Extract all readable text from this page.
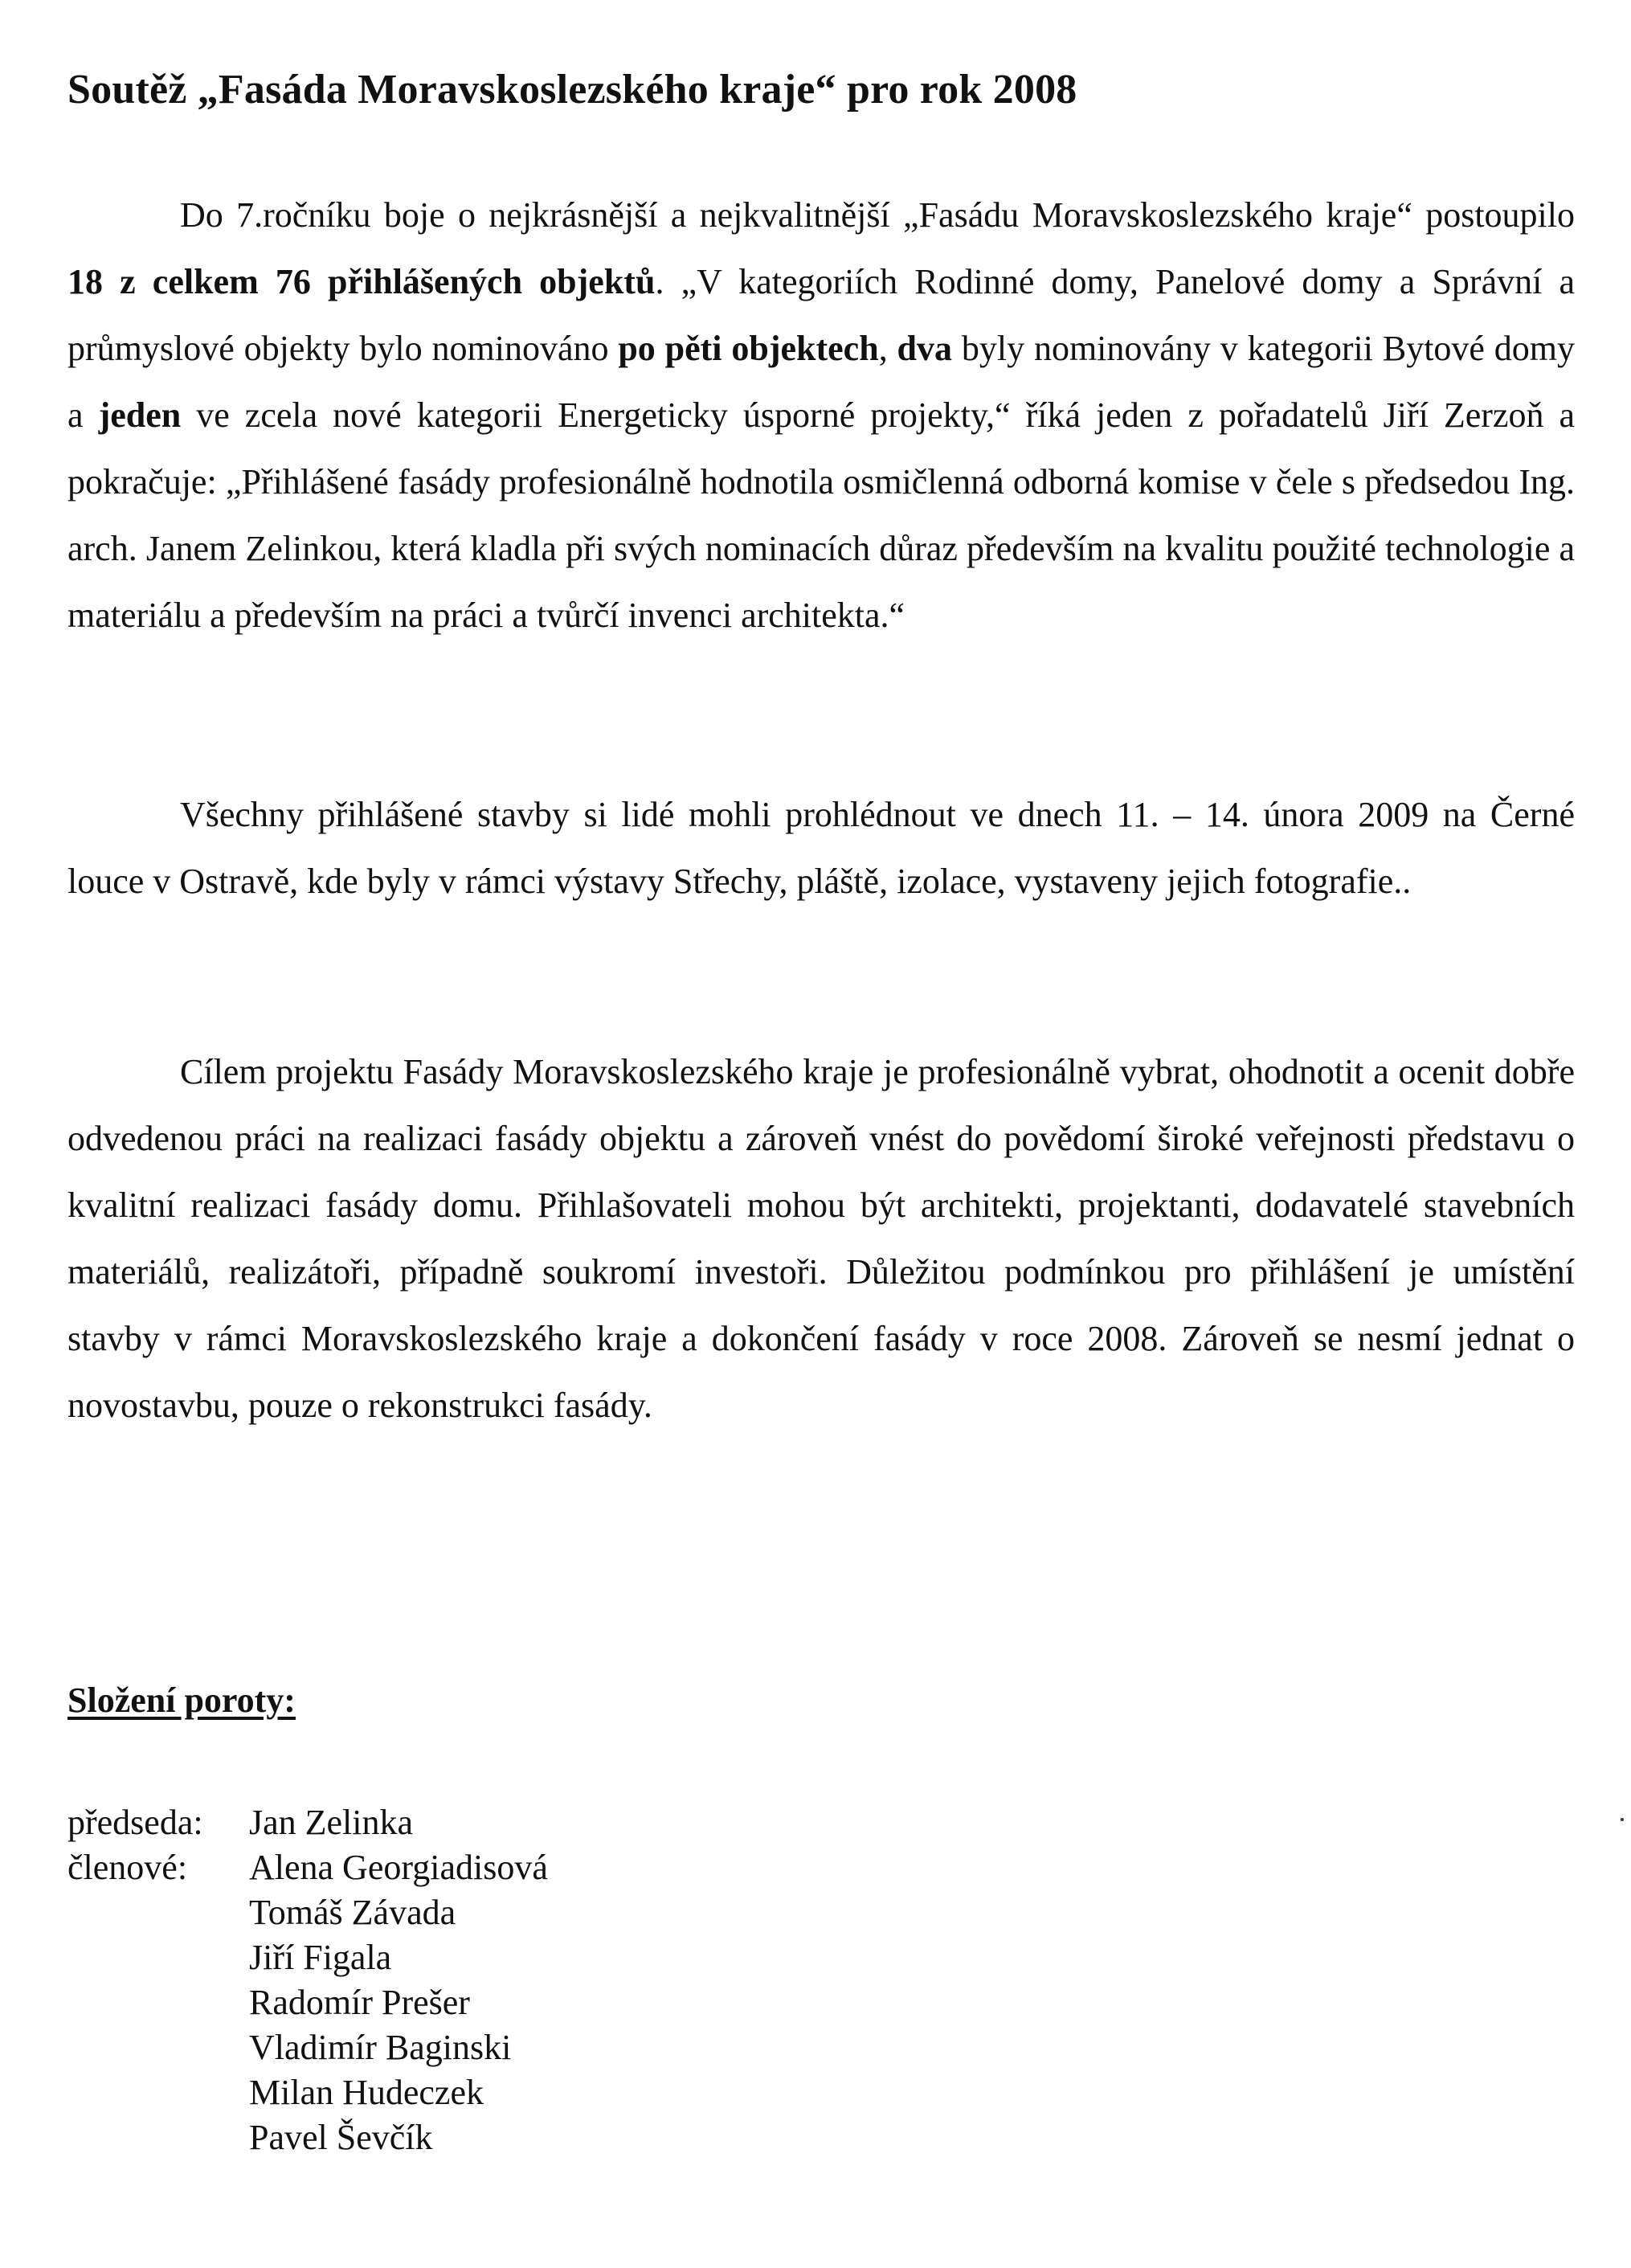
Soutěž „Fasáda Moravskoslezského kraje“ pro rok 2008

Do 7.ročníku boje o nejkrásnější a nejkvalitnější „Fasádu Moravskoslezského kraje“ postoupilo 18 z celkem 76 přihlášených objektů. „V kategoriích Rodinné domy, Panelové domy a Správní a průmyslové objekty bylo nominováno po pěti objektech, dva byly nominovány v kategorii Bytové domy a jeden ve zcela nové kategorii Energeticky úsporné projekty,“ říká jeden z pořadatelů Jiří Zerzoň a pokračuje: „Přihlášené fasády profesionálně hodnotila osmičlenná odborná komise v čele s předsedou Ing. arch. Janem Zelinkou, která kladla při svých nominacích důraz především na kvalitu použité technologie a materiálu a především na práci a tvůrčí invenci architekta.“

Všechny přihlášené stavby si lidé mohli prohlédnout ve dnech 11. – 14. února 2009 na Černé louce v Ostravě, kde byly v rámci výstavy Střechy, pláště, izolace, vystaveny jejich fotografie..

Cílem projektu Fasády Moravskoslezského kraje je profesionálně vybrat, ohodnotit a ocenit dobře odvedenou práci na realizaci fasády objektu a zároveň vnést do povědomí široké veřejnosti představu o kvalitní realizaci fasády domu. Přihlašovateli mohou být architekti, projektanti, dodavatelé stavebních materiálů, realizátoři, případně soukromí investoři. Důležitou podmínkou pro přihlášení je umístění stavby v rámci Moravskoslezského kraje a dokončení fasády v roce 2008. Zároveň se nesmí jednat o novostavbu, pouze o rekonstrukci fasády.

Složení poroty:
předseda: Jan Zelinka
členové: Alena Georgiadisová
Tomáš Závada
Jiří Figala
Radomír Prešer
Vladimír Baginski
Milan Hudeczek
Pavel Ševčík
